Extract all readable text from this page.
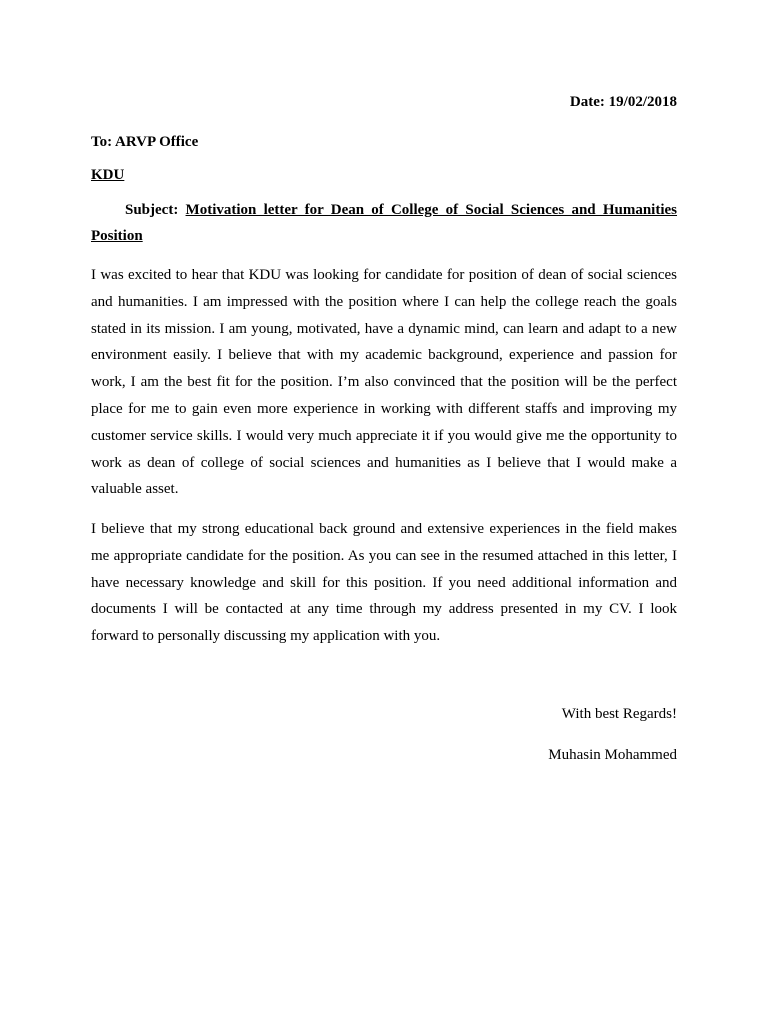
Date: 19/02/2018
To: ARVP Office
KDU
Subject: Motivation letter for Dean of College of Social Sciences and Humanities Position

I was excited to hear that KDU was looking for candidate for position of dean of social sciences and humanities. I am impressed with the position where I can help the college reach the goals stated in its mission. I am young, motivated, have a dynamic mind, can learn and adapt to a new environment easily. I believe that with my academic background, experience and passion for work, I am the best fit for the position. I’m also convinced that the position will be the perfect place for me to gain even more experience in working with different staffs and improving my customer service skills. I would very much appreciate it if you would give me the opportunity to work as dean of college of social sciences and humanities as I believe that I would make a valuable asset.

I believe that my strong educational back ground and extensive experiences in the field makes me appropriate candidate for the position. As you can see in the resumed attached in this letter, I have necessary knowledge and skill for this position. If you need additional information and documents I will be contacted at any time through my address presented in my CV. I look forward to personally discussing my application with you.

With best Regards!
Muhasin Mohammed
